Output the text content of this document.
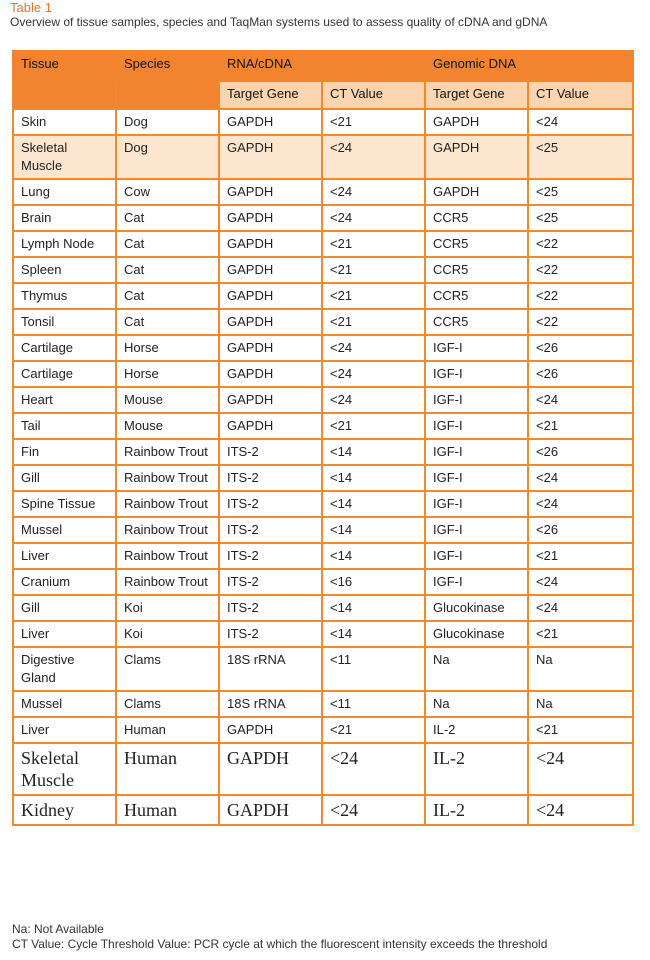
Table 1
Overview of tissue samples, species and TaqMan systems used to assess quality of cDNA and gDNA
Tissue	Species	RNA/cDNA		Genomic DNA	
		Target Gene	CT Value	Target Gene	CT Value
Skin	Dog	GAPDH	<21	GAPDH	<24
Skeletal Muscle	Dog	GAPDH	<24	GAPDH	<25
Lung	Cow	GAPDH	<24	GAPDH	<25
Brain	Cat	GAPDH	<24	CCR5	<25
Lymph Node	Cat	GAPDH	<21	CCR5	<22
Spleen	Cat	GAPDH	<21	CCR5	<22
Thymus	Cat	GAPDH	<21	CCR5	<22
Tonsil	Cat	GAPDH	<21	CCR5	<22
Cartilage	Horse	GAPDH	<24	IGF-I	<26
Cartilage	Horse	GAPDH	<24	IGF-I	<26
Heart	Mouse	GAPDH	<24	IGF-I	<24
Tail	Mouse	GAPDH	<21	IGF-I	<21
Fin	Rainbow Trout	ITS-2	<14	IGF-I	<26
Gill	Rainbow Trout	ITS-2	<14	IGF-I	<24
Spine Tissue	Rainbow Trout	ITS-2	<14	IGF-I	<24
Mussel	Rainbow Trout	ITS-2	<14	IGF-I	<26
Liver	Rainbow Trout	ITS-2	<14	IGF-I	<21
Cranium	Rainbow Trout	ITS-2	<16	IGF-I	<24
Gill	Koi	ITS-2	<14	Glucokinase	<24
Liver	Koi	ITS-2	<14	Glucokinase	<21
Digestive Gland	Clams	18S rRNA	<11	Na	Na
Mussel	Clams	18S rRNA	<11	Na	Na
Liver	Human	GAPDH	<21	IL-2	<21
Skeletal Muscle	Human	GAPDH	<24	IL-2	<24
Kidney	Human	GAPDH	<24	IL-2	<24
Na: Not Available
CT Value: Cycle Threshold Value: PCR cycle at which the fluorescent intensity exceeds the threshold
